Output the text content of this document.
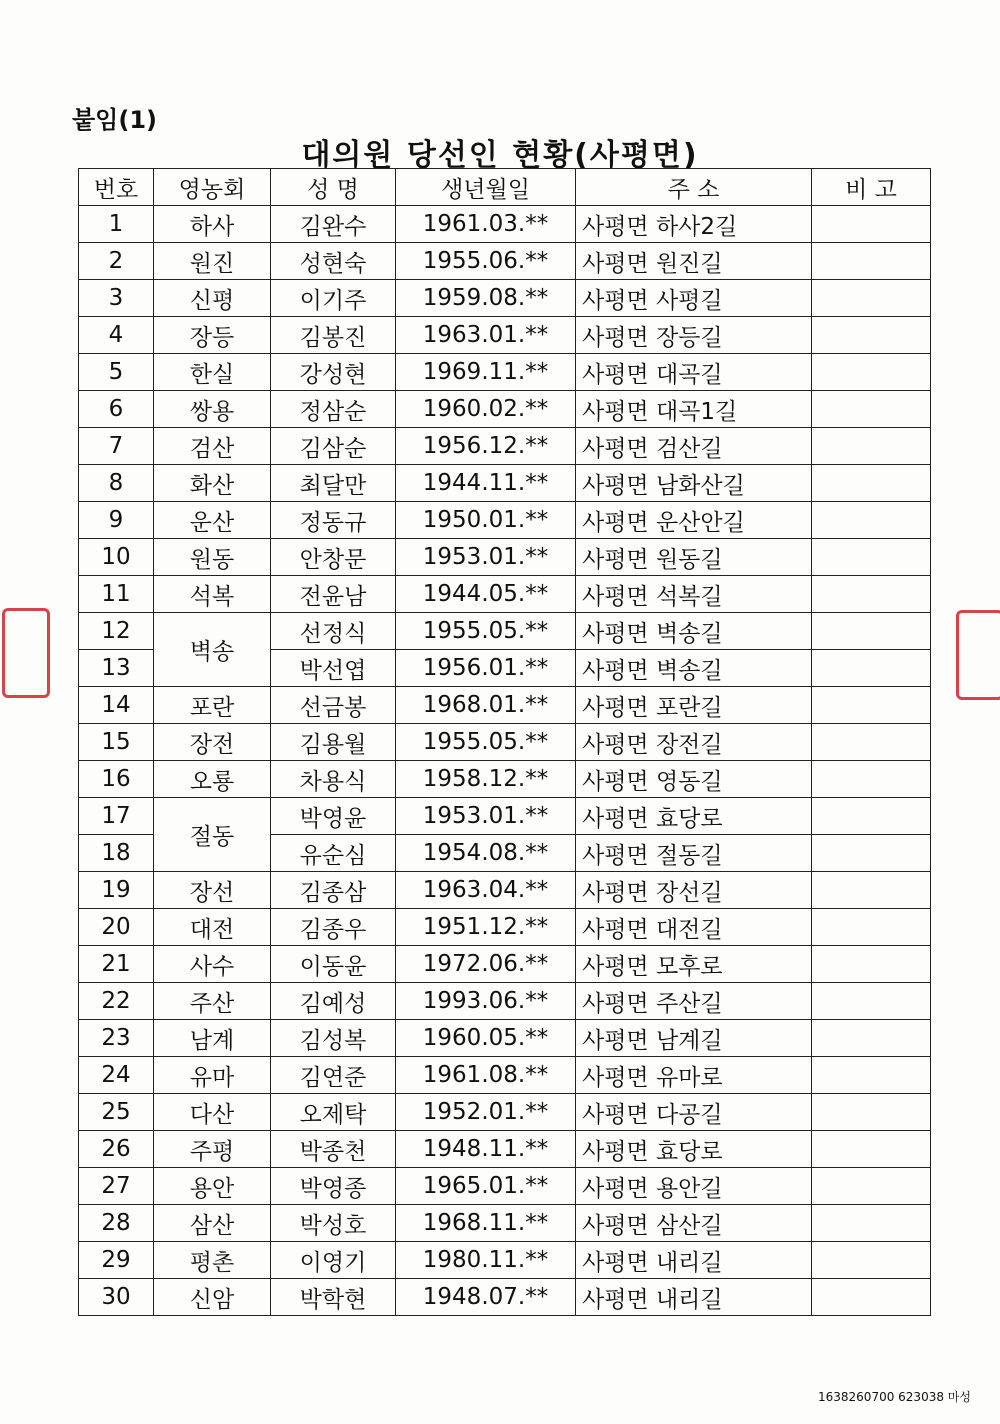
붙임(1)
대의원 당선인 현황(사평면)
번호	영농회	성 명	생년월일	주 소	비 고
1	하사	김완수	1961.03.**	사평면 하사2길	
2	원진	성현숙	1955.06.**	사평면 원진길	
3	신평	이기주	1959.08.**	사평면 사평길	
4	장등	김봉진	1963.01.**	사평면 장등길	
5	한실	강성현	1969.11.**	사평면 대곡길	
6	쌍용	정삼순	1960.02.**	사평면 대곡1길	
7	검산	김삼순	1956.12.**	사평면 검산길	
8	화산	최달만	1944.11.**	사평면 남화산길	
9	운산	정동규	1950.01.**	사평면 운산안길	
10	원동	안창문	1953.01.**	사평면 원동길	
11	석복	전윤남	1944.05.**	사평면 석복길	
12	벽송	선정식	1955.05.**	사평면 벽송길	
13		박선엽	1956.01.**	사평면 벽송길	
14	포란	선금봉	1968.01.**	사평면 포란길	
15	장전	김용월	1955.05.**	사평면 장전길	
16	오룡	차용식	1958.12.**	사평면 영동길	
17	절동	박영윤	1953.01.**	사평면 효당로	
18		유순심	1954.08.**	사평면 절동길	
19	장선	김종삼	1963.04.**	사평면 장선길	
20	대전	김종우	1951.12.**	사평면 대전길	
21	사수	이동윤	1972.06.**	사평면 모후로	
22	주산	김예성	1993.06.**	사평면 주산길	
23	남계	김성복	1960.05.**	사평면 남계길	
24	유마	김연준	1961.08.**	사평면 유마로	
25	다산	오제탁	1952.01.**	사평면 다공길	
26	주평	박종천	1948.11.**	사평면 효당로	
27	용안	박영종	1965.01.**	사평면 용안길	
28	삼산	박성호	1968.11.**	사평면 삼산길	
29	평촌	이영기	1980.11.**	사평면 내리길	
30	신암	박학현	1948.07.**	사평면 내리길	
1638260700 623038 마성
